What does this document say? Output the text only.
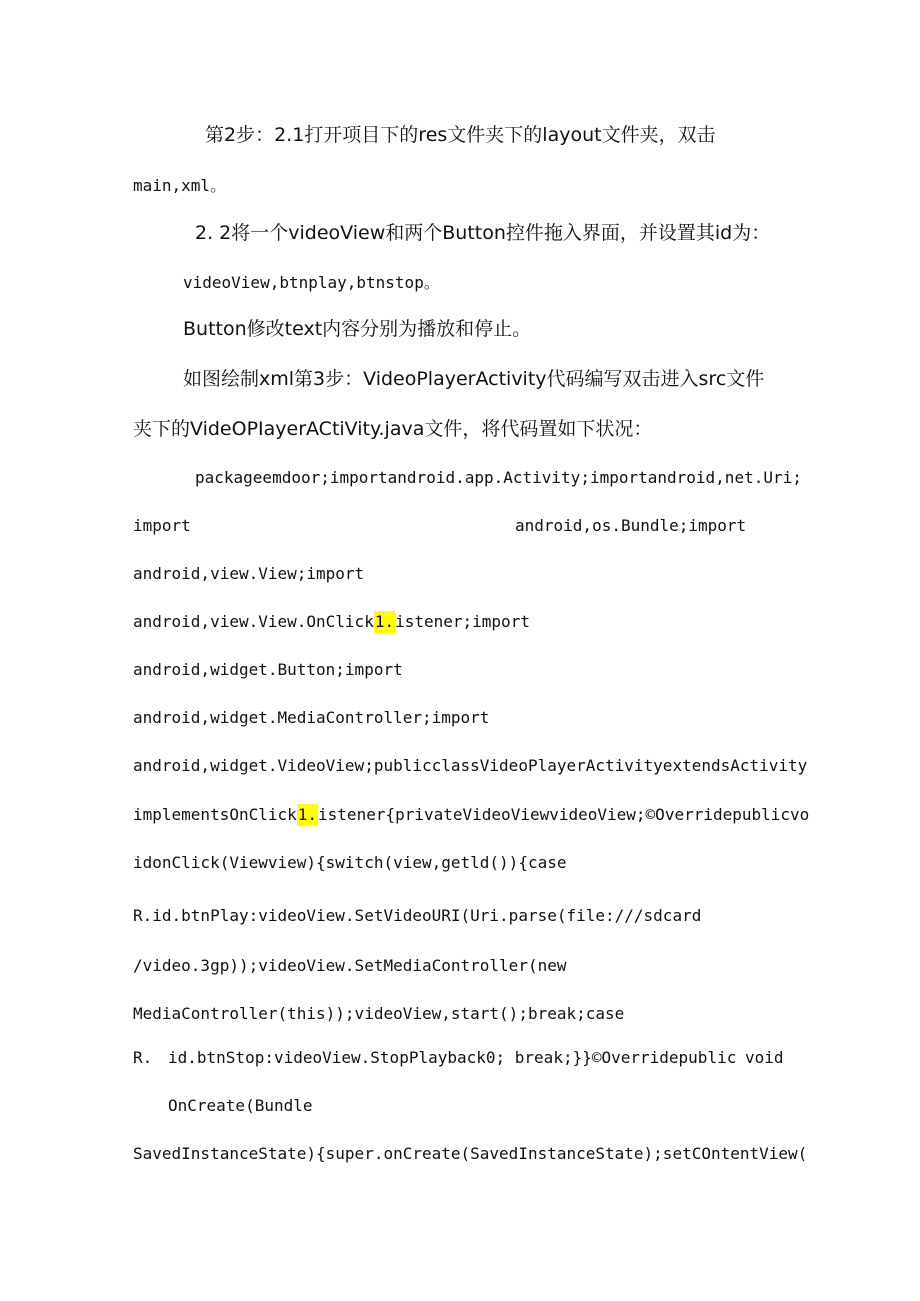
第2步：2.1打开项目下的res文件夹下的layout文件夹，双击
main,xml。
2. 2将一个videoView和两个Button控件拖入界面，并设置其id为：
videoView,btnplay,btnstop。
Button修改text内容分别为播放和停止。
如图绘制xml第3步：VideoPlayerActivity代码编写双击进入src文件
夹下的VideOPIayerACtiVity.java文件，将代码置如下状况：
packageemdoor;importandroid.app.Activity;importandroid,net.Uri;
import	android,os.Bundle;import
android,view.View;import
android,view.View.OnClick1.istener;import
android,widget.Button;import
android,widget.MediaController;import
android,widget.VideoView;publicclassVideoPlayerActivityextendsActivity
implementsOnClick1.istener{privateVideoViewvideoView;©Overridepublicvo
idonClick(Viewview){switch(view,getld()){case
R.id.btnPlay:videoView.SetVideoURI(Uri.parse(file:///sdcard
/video.3gp));videoView.SetMediaController(new
MediaController(this));videoView,start();break;case
R. id.btnStop:videoView.StopPlayback0; break;}}©Overridepublic void
OnCreate(Bundle
SavedInstanceState){super.onCreate(SavedInstanceState);setCOntentView(
